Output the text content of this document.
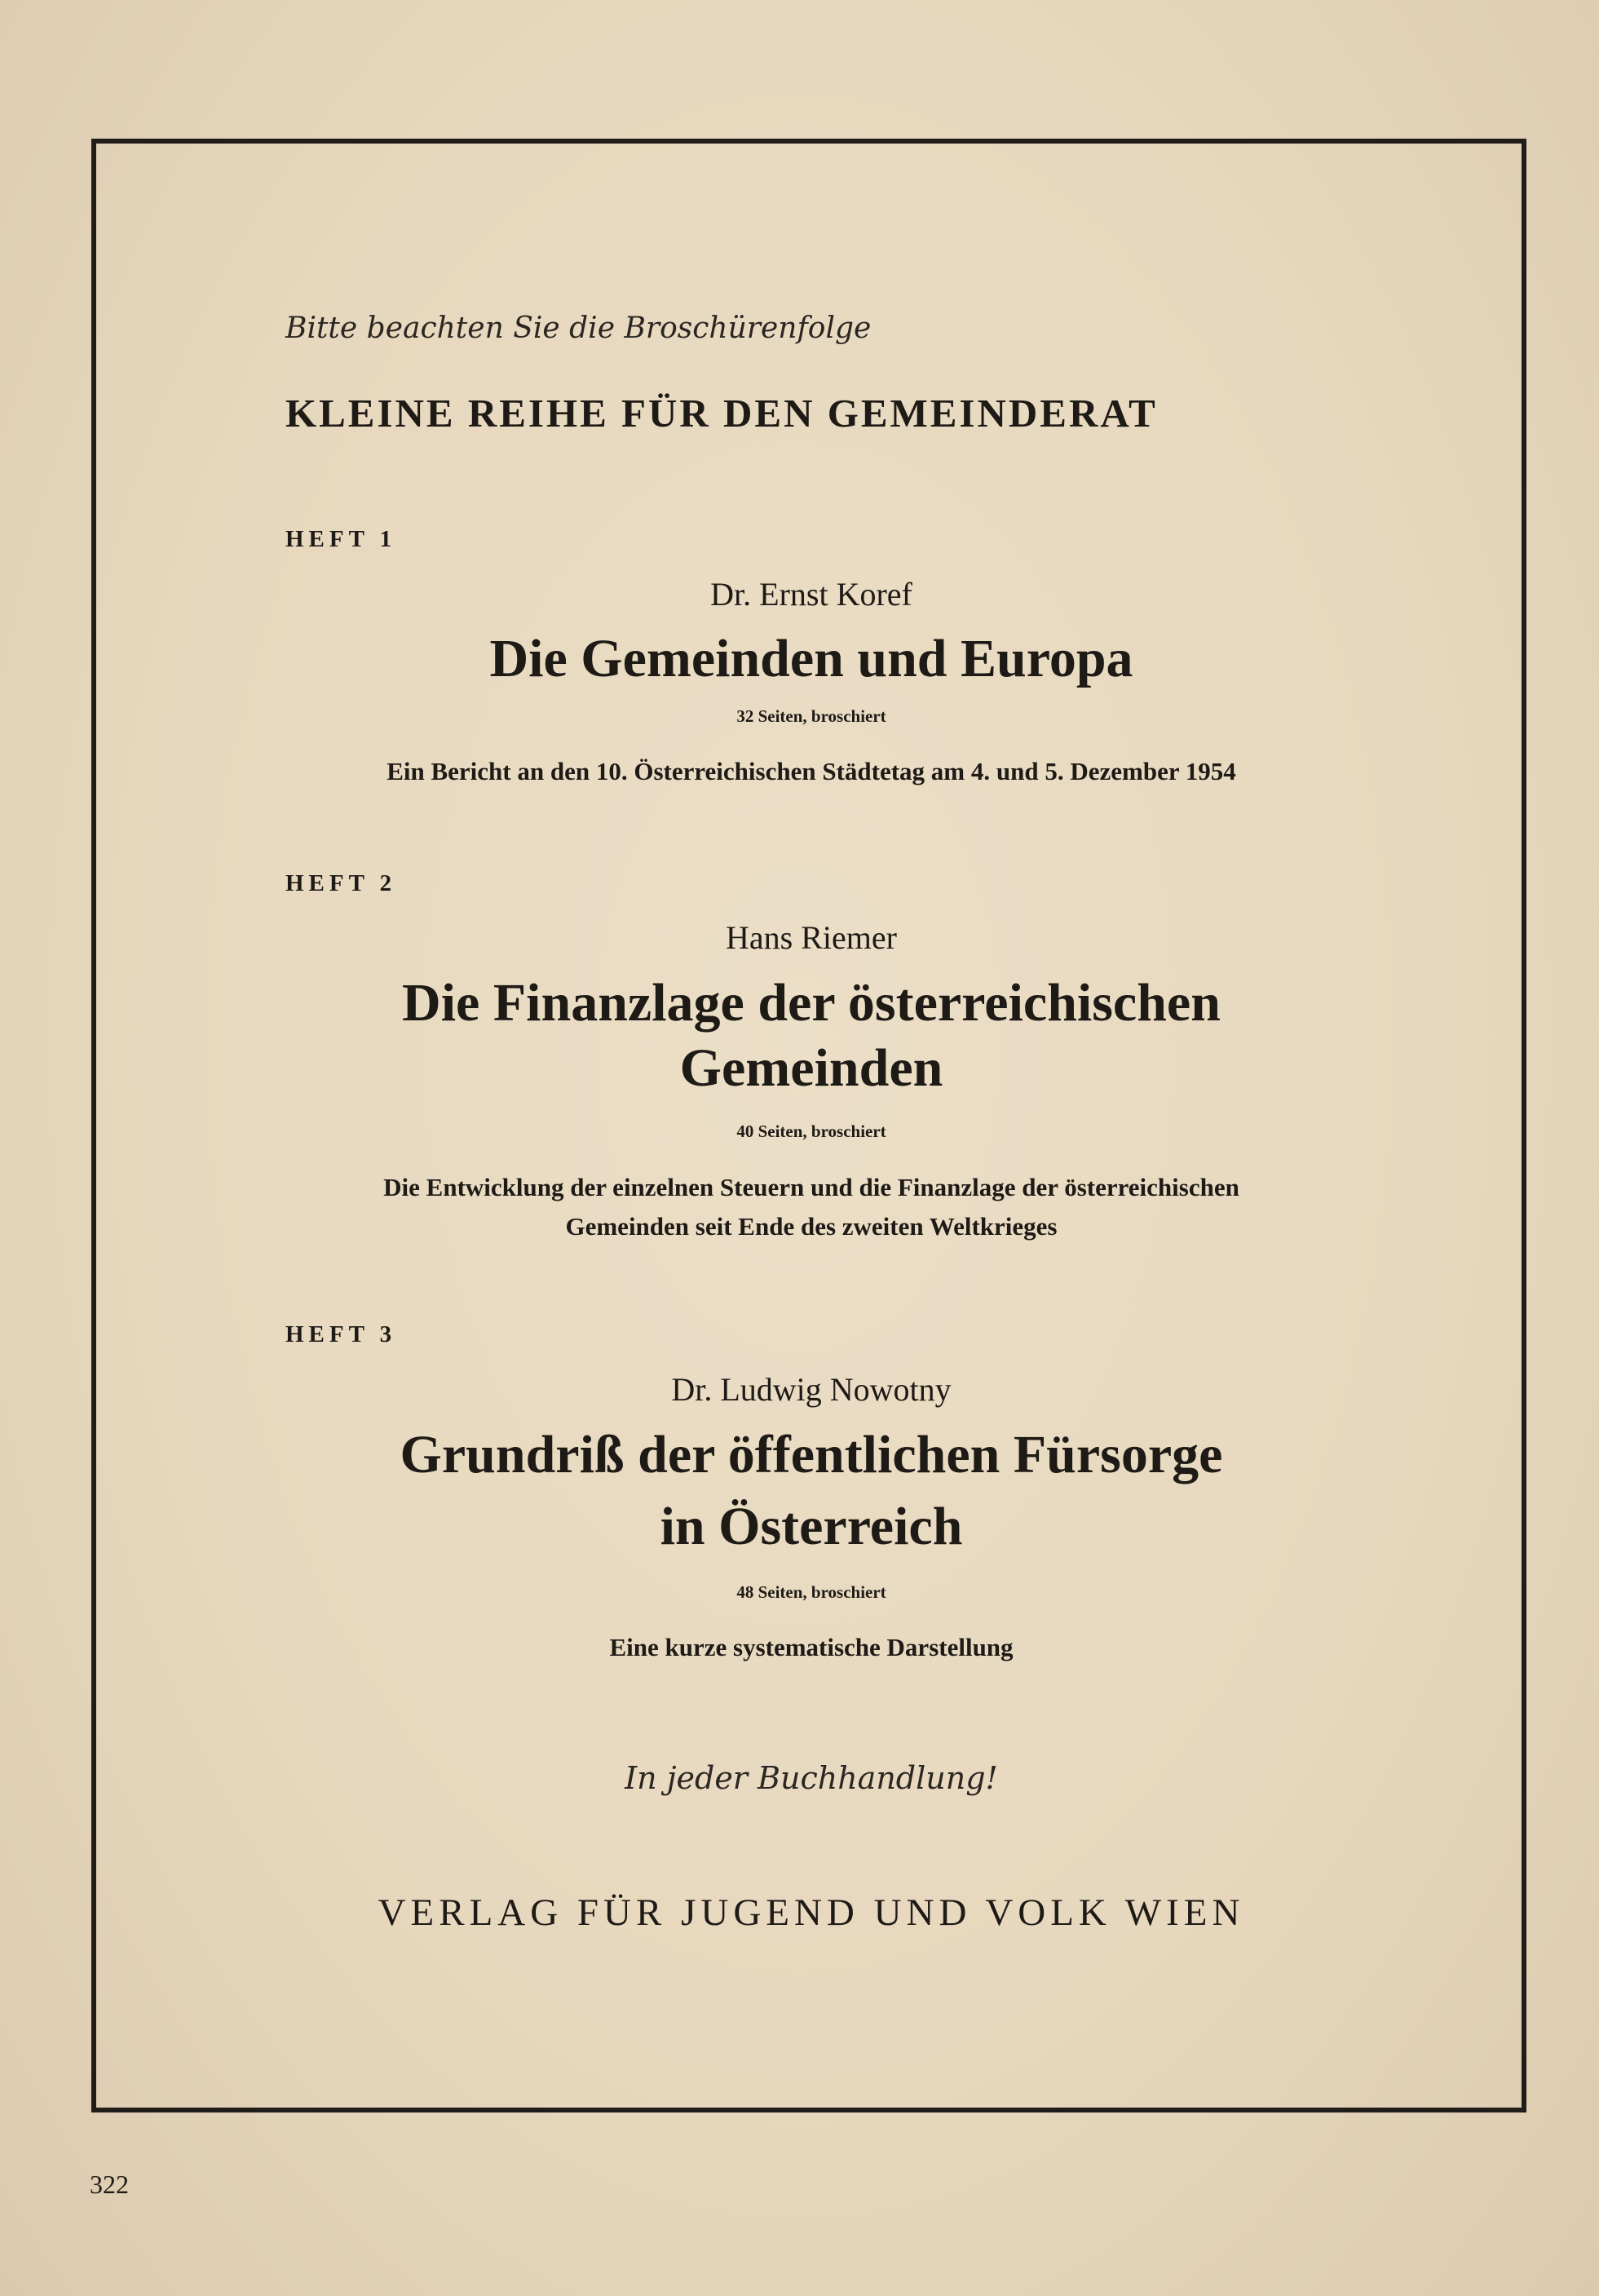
Bitte beachten Sie die Broschürenfolge
KLEINE REIHE FÜR DEN GEMEINDERAT
HEFT 1
Dr. Ernst Koref
Die Gemeinden und Europa
32 Seiten, broschiert
Ein Bericht an den 10. Österreichischen Städtetag am 4. und 5. Dezember 1954
HEFT 2
Hans Riemer
Die Finanzlage der österreichischen
Gemeinden
40 Seiten, broschiert
Die Entwicklung der einzelnen Steuern und die Finanzlage der österreichischen
Gemeinden seit Ende des zweiten Weltkrieges
HEFT 3
Dr. Ludwig Nowotny
Grundriß der öffentlichen Fürsorge
in Österreich
48 Seiten, broschiert
Eine kurze systematische Darstellung
In jeder Buchhandlung!
VERLAG FÜR JUGEND UND VOLK WIEN
322
